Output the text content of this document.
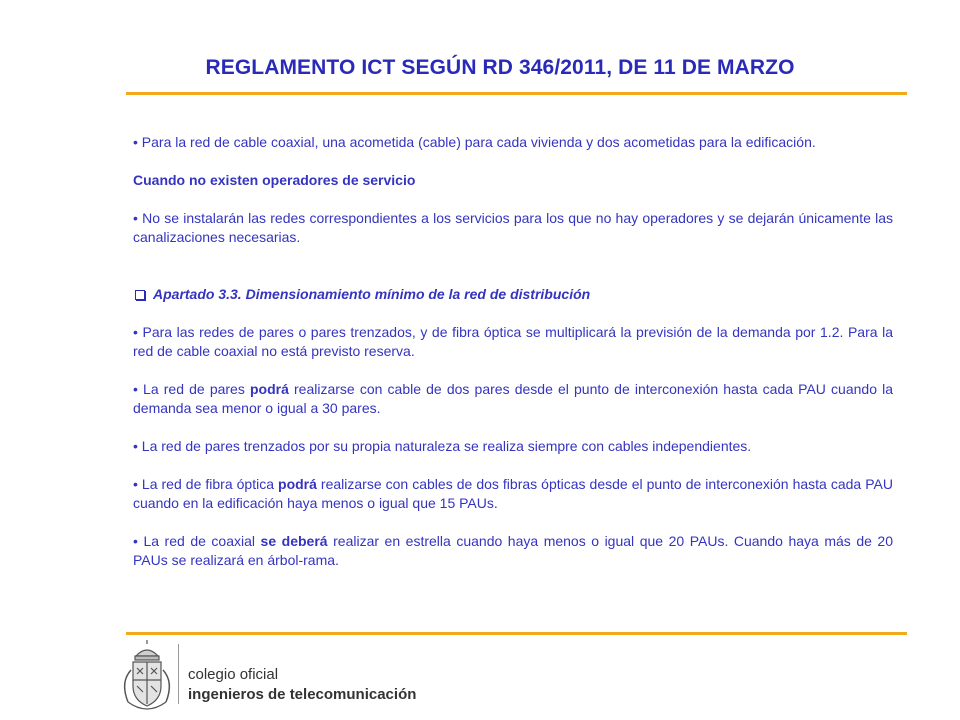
REGLAMENTO ICT SEGÚN RD 346/2011, DE 11 DE MARZO

• Para la red de cable coaxial, una acometida (cable) para cada vivienda y dos acometidas para la edificación.

Cuando no existen operadores de servicio

• No se instalarán las redes correspondientes a los servicios para los que no hay operadores y se dejarán únicamente las canalizaciones necesarias.

Apartado 3.3. Dimensionamiento mínimo de la red de distribución

• Para las redes de pares o pares trenzados, y de fibra óptica se multiplicará la previsión de la demanda por 1.2. Para la red de cable coaxial no está previsto reserva.

• La red de pares podrá realizarse con cable de dos pares desde el punto de interconexión hasta cada PAU cuando la demanda sea menor o igual a 30 pares.

• La red de pares trenzados por su propia naturaleza se realiza siempre con cables independientes.

• La red de fibra óptica podrá realizarse con cables de dos fibras ópticas desde el punto de interconexión hasta cada PAU cuando en la edificación haya menos o igual que 15 PAUs.

• La red de coaxial se deberá realizar en estrella cuando haya menos o igual que 20 PAUs. Cuando haya más de 20 PAUs se realizará en árbol-rama.

colegio oficial
ingenieros de telecomunicación
